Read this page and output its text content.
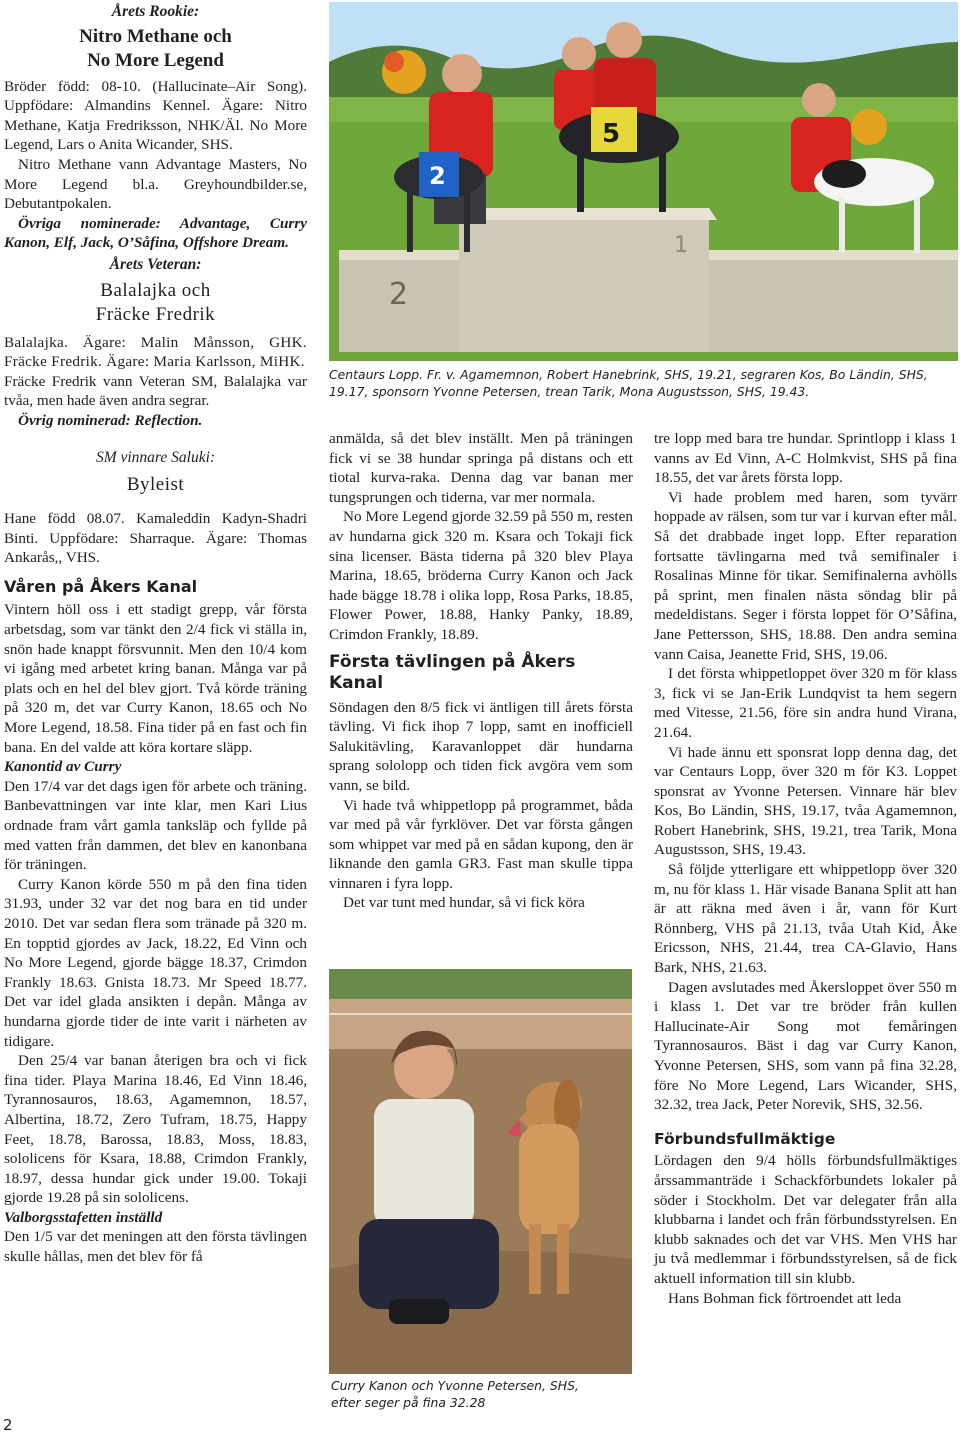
2

Årets Rookie:

Nitro Methane och

No More Legend

Bröder född: 08-10. (Hallucinate–Air Song). Uppfödare: Almandins Kennel. Ägare: Nitro Methane, Katja Fredriksson, NHK/Äl. No More Legend, Lars o Anita Wicander, SHS.

Nitro Methane vann Advantage Masters, No More Legend bl.a. Greyhoundbilder.se, Debutantpokalen.

Övriga nominerade: Advantage, Curry Kanon, Elf, Jack, O’Såfina, Offshore Dream.

Årets Veteran:

Balalajka och

Fräcke Fredrik

Balalajka. Ägare: Malin Månsson, GHK. Fräcke Fredrik. Ägare: Maria Karlsson, MiHK.

Fräcke Fredrik vann Veteran SM, Balalajka var tvåa, men hade även andra segrar.

Övrig nominerad: Reflection.

SM vinnare Saluki:

Byleist

Hane född 08.07. Kamaleddin Kadyn-Shadri Binti. Uppfödare: Sharraque. Ägare: Thomas Ankarås,, VHS.

Våren på Åkers Kanal

Vintern höll oss i ett stadigt grepp, vår första arbetsdag, som var tänkt den 2/4 fick vi ställa in, snön hade knappt försvunnit. Men den 10/4 kom vi igång med arbetet kring banan. Många var på plats och en hel del blev gjort. Två körde träning på 320 m, det var Curry Kanon, 18.65 och No More Legend, 18.58. Fina tider på en fast och fin bana. En del valde att köra kortare släpp.

Kanontid av Curry

Den 17/4 var det dags igen för arbete och träning. Banbevattningen var inte klar, men Kari Lius ordnade fram vårt gamla tanksläp och fyllde på med vatten från dammen, det blev en kanonbana för träningen.

Curry Kanon körde 550 m på den fina tiden 31.93, under 32 var det nog bara en tid under 2010. Det var sedan flera som tränade på 320 m. En topptid gjordes av Jack, 18.22, Ed Vinn och No More Legend, gjorde bägge 18.37, Crimdon Frankly 18.63. Gnista 18.73. Mr Speed 18.77. Det var idel glada ansikten i depån. Många av hundarna gjorde tider de inte varit i närheten av tidigare.

Den 25/4 var banan återigen bra och vi fick fina tider. Playa Marina 18.46, Ed Vinn 18.46, Tyrannosauros, 18.63, Agamemnon, 18.57, Albertina, 18.72, Zero Tufram, 18.75, Happy Feet, 18.78, Barossa, 18.83, Moss, 18.83, sololicens för Ksara, 18.88, Crimdon Frankly, 18.97, dessa hundar gick under 19.00. Tokaji gjorde 19.28 på sin sololicens.

Valborgsstafetten inställd

Den 1/5 var det meningen att den första tävlingen skulle hållas, men det blev för få

2
1
2
5
Centaurs Lopp. Fr. v. Agamemnon, Robert Hanebrink, SHS, 19.21, segraren Kos, Bo Ländin, SHS, 19.17, sponsorn Yvonne Petersen, trean Tarik, Mona Augustsson, SHS, 19.43.

anmälda, så det blev inställt. Men på träningen fick vi se 38 hundar springa på distans och ett tiotal kurva-raka. Denna dag var banan mer tungsprungen och tiderna, var mer normala.

No More Legend gjorde 32.59 på 550 m, resten av hundarna gick 320 m. Ksara och Tokaji fick sina licenser. Bästa tiderna på 320 blev Playa Marina, 18.65, bröderna Curry Kanon och Jack hade bägge 18.78 i olika lopp, Rosa Parks, 18.85, Flower Power, 18.88, Hanky Panky, 18.89, Crimdon Frankly, 18.89.

Första tävlingen på Åkers Kanal

Söndagen den 8/5 fick vi äntligen till årets första tävling. Vi fick ihop 7 lopp, samt en inofficiell Salukitävling, Karavanloppet där hundarna sprang sololopp och tiden fick avgöra vem som vann, se bild.

Vi hade två whippetlopp på programmet, båda var med på vår fyrklöver. Det var första gången som whippet var med på en sådan kupong, den är liknande den gamla GR3. Fast man skulle tippa vinnaren i fyra lopp.

Det var tunt med hundar, så vi fick köra

Curry Kanon och Yvonne Petersen, SHS,
efter seger på fina 32.28

tre lopp med bara tre hundar. Sprintlopp i klass 1 vanns av Ed Vinn, A-C Holmkvist, SHS på fina 18.55, det var årets första lopp.

Vi hade problem med haren, som tyvärr hoppade av rälsen, som tur var i kurvan efter mål. Så det drabbade inget lopp. Efter reparation fortsatte tävlingarna med två semifinaler i Rosalinas Minne för tikar. Semifinalerna avhölls på sprint, men finalen nästa söndag blir på medeldistans. Seger i första loppet för O’Såfina, Jane Pettersson, SHS, 18.88. Den andra semina vann Caisa, Jeanette Frid, SHS, 19.06.

I det första whippetloppet över 320 m för klass 3, fick vi se Jan-Erik Lundqvist ta hem segern med Vitesse, 21.56, före sin andra hund Virana, 21.64.

Vi hade ännu ett sponsrat lopp denna dag, det var Centaurs Lopp, över 320 m för K3. Loppet sponsrat av Yvonne Petersen. Vinnare här blev Kos, Bo Ländin, SHS, 19.17, tvåa Agamemnon, Robert Hanebrink, SHS, 19.21, trea Tarik, Mona Augustsson, SHS, 19.43.

Så följde ytterligare ett whippetlopp över 320 m, nu för klass 1. Här visade Banana Split att han är att räkna med även i år, vann för Kurt Rönnberg, VHS på 21.13, tvåa Utah Kid, Åke Ericsson, NHS, 21.44, trea CA-Glavio, Hans Bark, NHS, 21.63.

Dagen avslutades med Åkersloppet över 550 m i klass 1. Det var tre bröder från kullen Hallucinate-Air Song mot femåringen Tyrannosauros. Bäst i dag var Curry Kanon, Yvonne Petersen, SHS, som vann på fina 32.28, före No More Legend, Lars Wicander, SHS, 32.32, trea Jack, Peter Norevik, SHS, 32.56.

Förbundsfullmäktige

Lördagen den 9/4 hölls förbundsfullmäktiges årssammanträde i Schackförbundets lokaler på söder i Stockholm. Det var delegater från alla klubbarna i landet och från förbundsstyrelsen. En klubb saknades och det var VHS. Men VHS har ju två medlemmar i förbundsstyrelsen, så de fick aktuell information till sin klubb.

Hans Bohman fick förtroendet att leda
